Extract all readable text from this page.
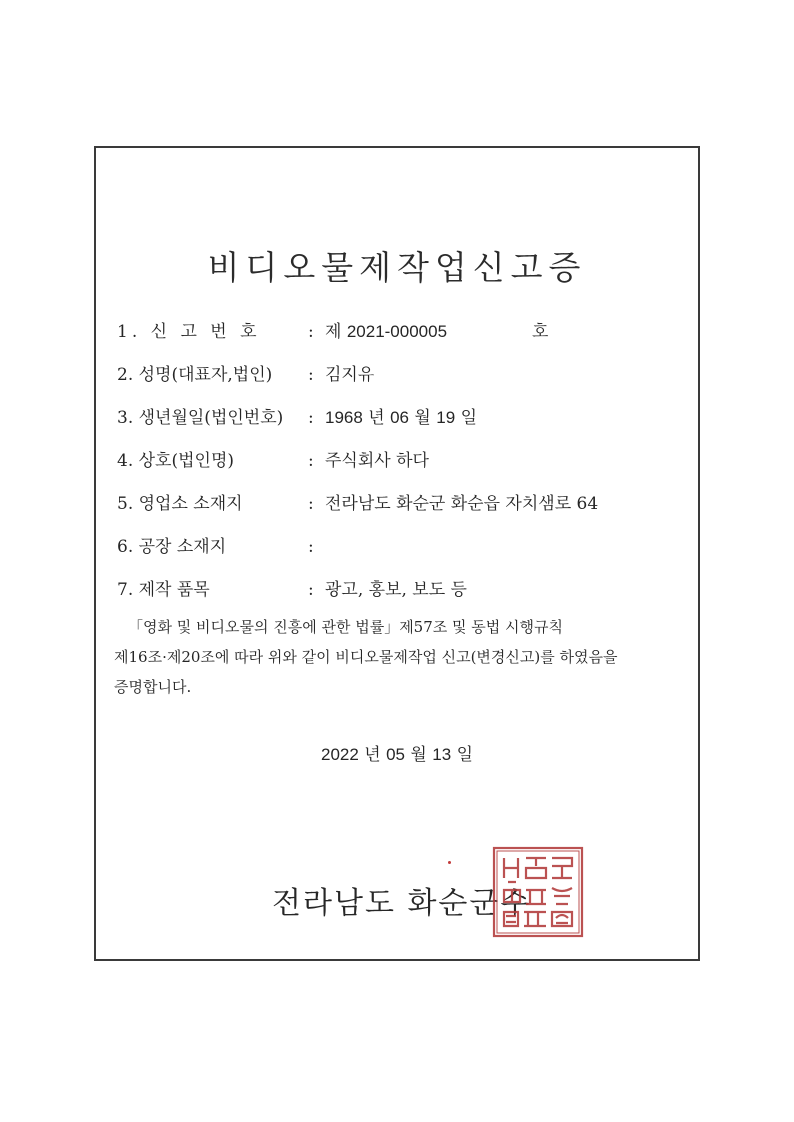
비디오물제작업신고증
1. 신 고 번 호	: 제 2021-000005	호
2. 성명(대표자,법인) : 김지유
3. 생년월일(법인번호) : 1968 년 06 월 19 일
4. 상호(법인명)	: 주식회사 하다
5. 영업소 소재지	: 전라남도 화순군 화순읍 자치샘로 64
6. 공장 소재지	:
7. 제작 품목	: 광고, 홍보, 보도 등

「영화 및 비디오물의 진흥에 관한 법률」제57조 및 동법 시행규칙
제16조·제20조에 따라 위와 같이 비디오물제작업 신고(변경신고)를 하였음을
증명합니다.

2022 년 05 월 13 일
전라남도 화순군수
